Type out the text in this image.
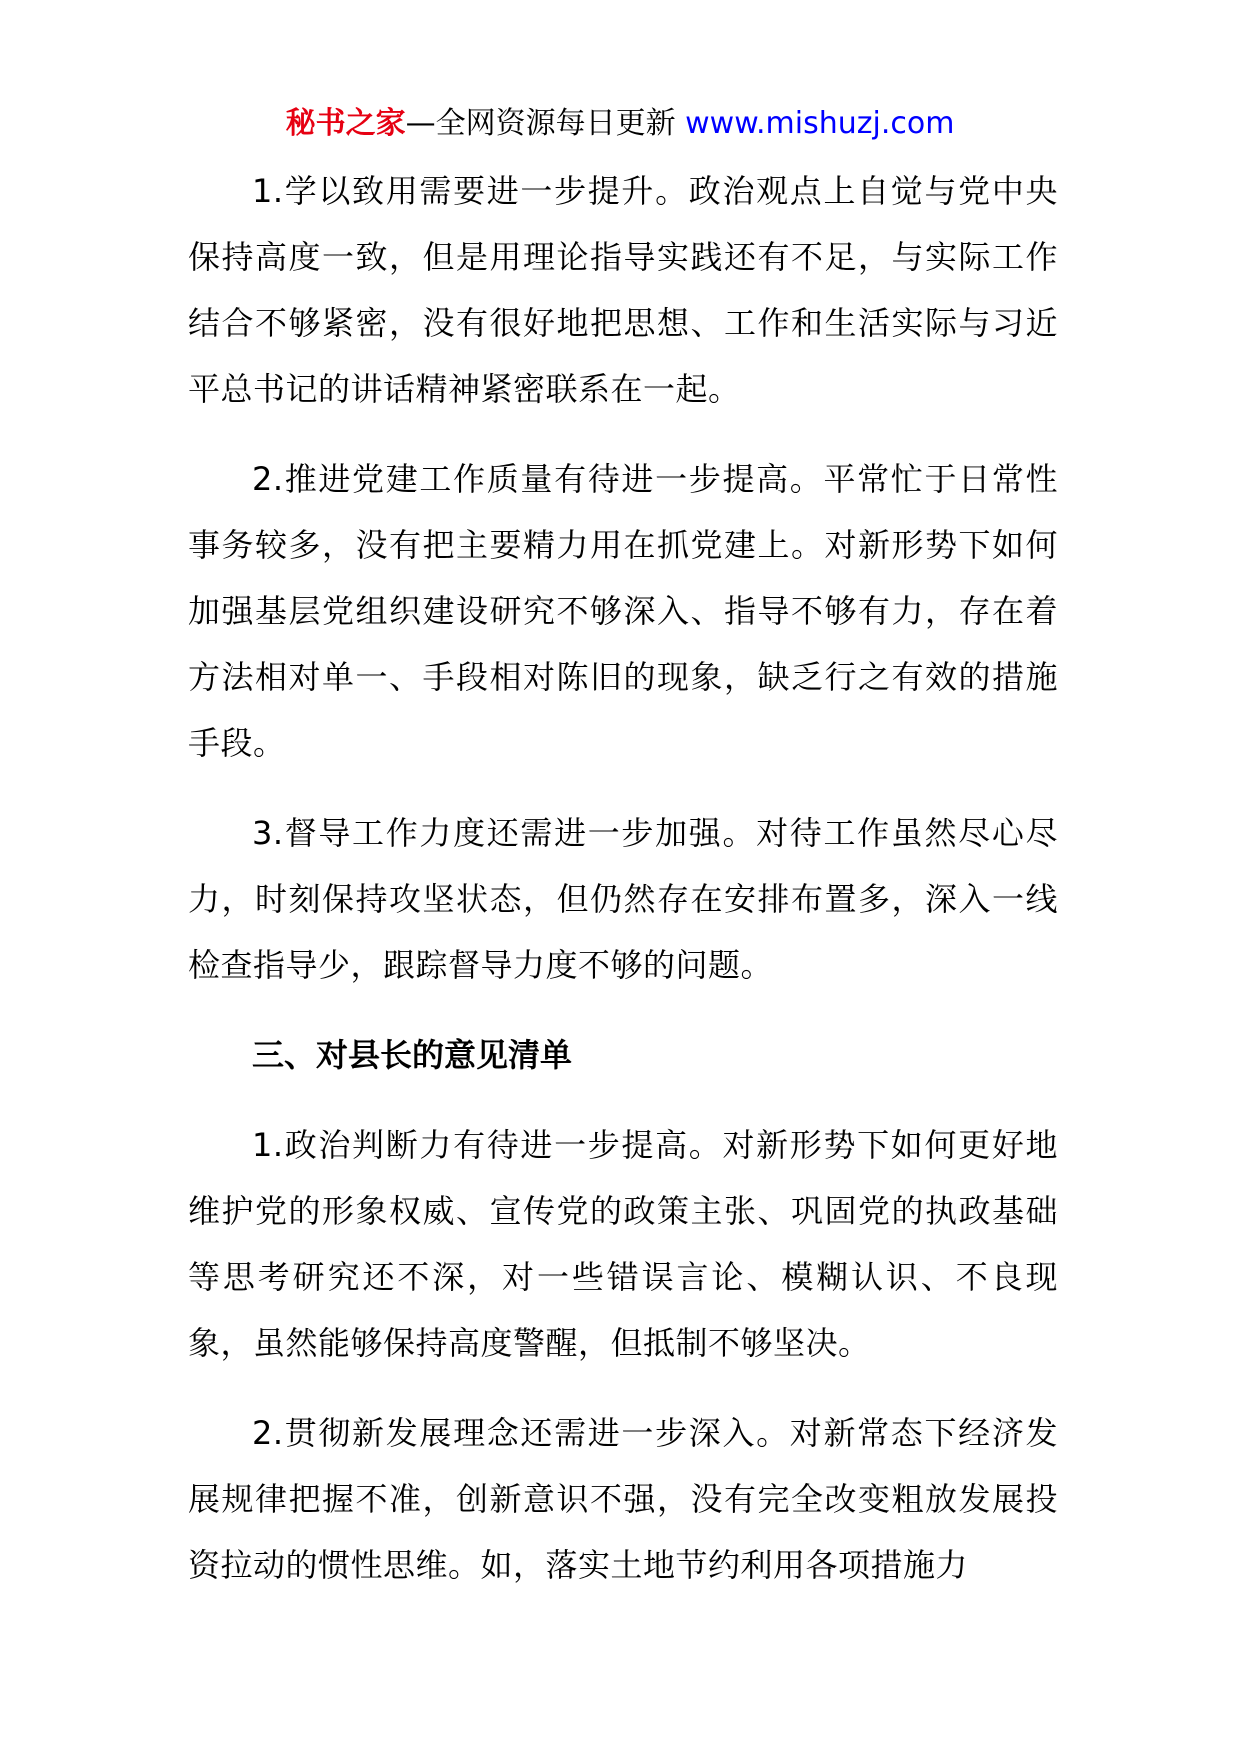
秘书之家—全网资源每日更新 www.mishuzj.com

1.学以致用需要进一步提升。政治观点上自觉与党中央保持高度一致，但是用理论指导实践还有不足，与实际工作结合不够紧密，没有很好地把思想、工作和生活实际与习近平总书记的讲话精神紧密联系在一起。

2.推进党建工作质量有待进一步提高。平常忙于日常性事务较多，没有把主要精力用在抓党建上。对新形势下如何加强基层党组织建设研究不够深入、指导不够有力，存在着方法相对单一、手段相对陈旧的现象，缺乏行之有效的措施手段。

3.督导工作力度还需进一步加强。对待工作虽然尽心尽力，时刻保持攻坚状态，但仍然存在安排布置多，深入一线检查指导少，跟踪督导力度不够的问题。

三、对县长的意见清单

1.政治判断力有待进一步提高。对新形势下如何更好地维护党的形象权威、宣传党的政策主张、巩固党的执政基础等思考研究还不深，对一些错误言论、模糊认识、不良现象，虽然能够保持高度警醒，但抵制不够坚决。

2.贯彻新发展理念还需进一步深入。对新常态下经济发展规律把握不准，创新意识不强，没有完全改变粗放发展投资拉动的惯性思维。如，落实土地节约利用各项措施力
